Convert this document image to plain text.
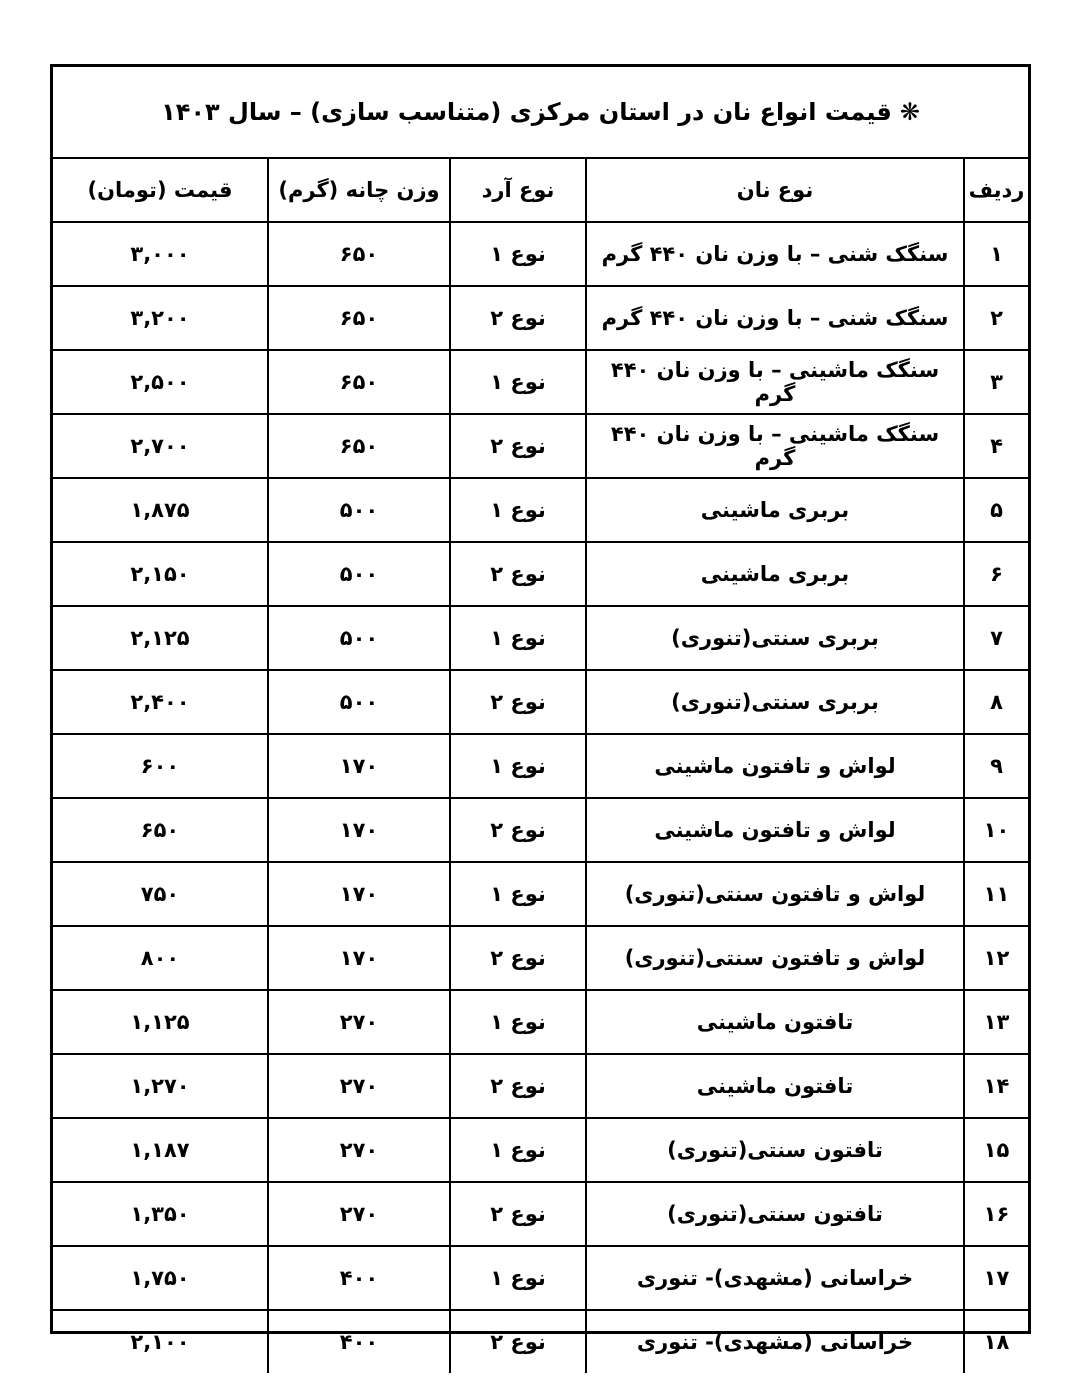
❋
قیمت انواع نان در استان مرکزی (متناسب سازی) – سال ۱۴۰۳
ردیف	نوع نان	نوع آرد	وزن چانه (گرم)	قیمت (تومان)
۱	سنگک شنی – با وزن نان ۴۴۰ گرم	نوع ۱	۶۵۰	۳,۰۰۰
۲	سنگک شنی – با وزن نان ۴۴۰ گرم	نوع ۲	۶۵۰	۳,۲۰۰
۳	سنگک ماشینی – با وزن نان ۴۴۰ گرم	نوع ۱	۶۵۰	۲,۵۰۰
۴	سنگک ماشینی – با وزن نان ۴۴۰ گرم	نوع ۲	۶۵۰	۲,۷۰۰
۵	بربری ماشینی	نوع ۱	۵۰۰	۱,۸۷۵
۶	بربری ماشینی	نوع ۲	۵۰۰	۲,۱۵۰
۷	بربری سنتی(تنوری)	نوع ۱	۵۰۰	۲,۱۲۵
۸	بربری سنتی(تنوری)	نوع ۲	۵۰۰	۲,۴۰۰
۹	لواش و تافتون ماشینی	نوع ۱	۱۷۰	۶۰۰
۱۰	لواش و تافتون ماشینی	نوع ۲	۱۷۰	۶۵۰
۱۱	لواش و تافتون سنتی(تنوری)	نوع ۱	۱۷۰	۷۵۰
۱۲	لواش و تافتون سنتی(تنوری)	نوع ۲	۱۷۰	۸۰۰
۱۳	تافتون ماشینی	نوع ۱	۲۷۰	۱,۱۲۵
۱۴	تافتون ماشینی	نوع ۲	۲۷۰	۱,۲۷۰
۱۵	تافتون سنتی(تنوری)	نوع ۱	۲۷۰	۱,۱۸۷
۱۶	تافتون سنتی(تنوری)	نوع ۲	۲۷۰	۱,۳۵۰
۱۷	خراسانی (مشهدی)- تنوری	نوع ۱	۴۰۰	۱,۷۵۰
۱۸	خراسانی (مشهدی)- تنوری	نوع ۲	۴۰۰	۲,۱۰۰
